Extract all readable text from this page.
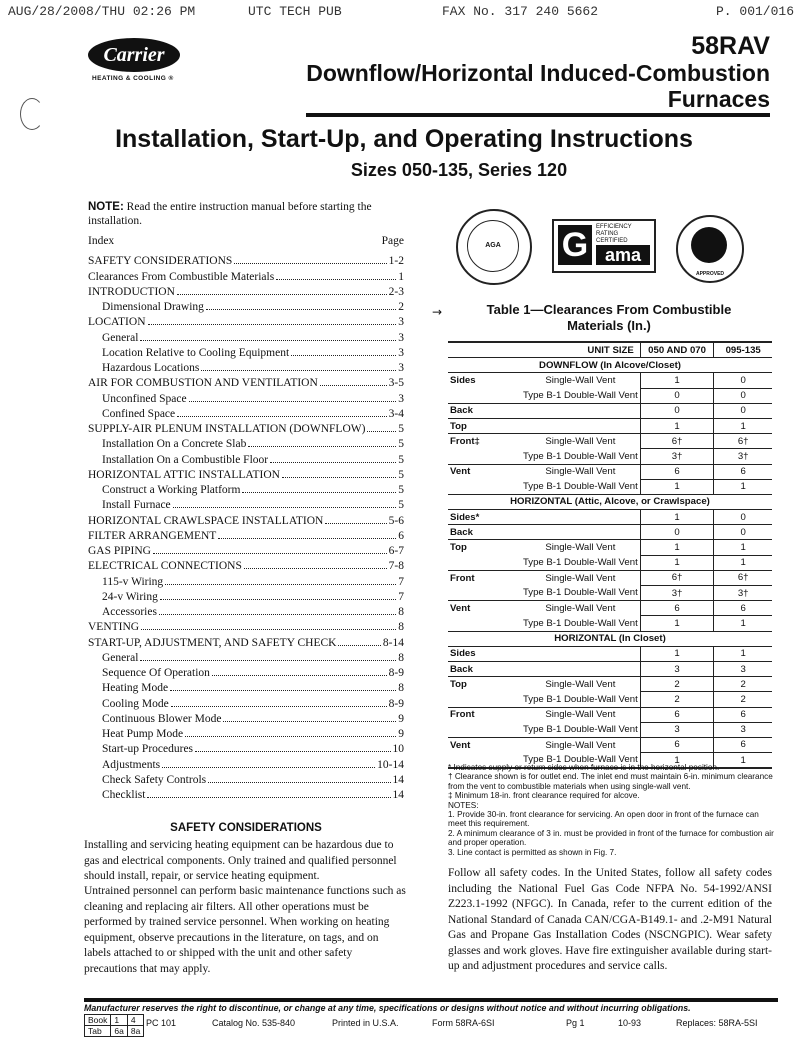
AUG/28/2008/THU 02:26 PM	UTC TECH PUB	FAX No. 317 240 5662	P. 001/016
Carrier
HEATING & COOLING ®
58RAV
Downflow/Horizontal Induced-Combustion
Furnaces
Installation, Start-Up, and Operating Instructions
Sizes 050-135, Series 120
NOTE: Read the entire instruction manual before starting the installation.
Index	Page
SAFETY CONSIDERATIONS	1-2
Clearances From Combustible Materials	1
INTRODUCTION	2-3
Dimensional Drawing	2
LOCATION	3
General	3
Location Relative to Cooling Equipment	3
Hazardous Locations	3
AIR FOR COMBUSTION AND VENTILATION	3-5
Unconfined Space	3
Confined Space	3-4
SUPPLY-AIR PLENUM INSTALLATION (DOWNFLOW)	5
Installation On a Concrete Slab	5
Installation On a Combustible Floor	5
HORIZONTAL ATTIC INSTALLATION	5
Construct a Working Platform	5
Install Furnace	5
HORIZONTAL CRAWLSPACE INSTALLATION	5-6
FILTER ARRANGEMENT	6
GAS PIPING	6-7
ELECTRICAL CONNECTIONS	7-8
115-v Wiring	7
24-v Wiring	7
Accessories	8
VENTING	8
START-UP, ADJUSTMENT, AND SAFETY CHECK	8-14
General	8
Sequence Of Operation	8-9
Heating Mode	8
Cooling Mode	8-9
Continuous Blower Mode	9
Heat Pump Mode	9
Start-up Procedures	10
Adjustments	10-14
Check Safety Controls	14
Checklist	14
SAFETY CONSIDERATIONS
Installing and servicing heating equipment can be hazardous due to gas and electrical components. Only trained and qualified personnel should install, repair, or service heating equipment.
Untrained personnel can perform basic maintenance functions such as cleaning and replacing air filters. All other operations must be performed by trained service personnel. When working on heating equipment, observe precautions in the literature, on tags, and on labels attached to or shipped with the unit and other safety precautions that may apply.
AGA	G	EFFICIENCY
RATING
CERTIFIED
ama
APPROVED
→	Table 1—Clearances From Combustible
Materials (In.)
UNIT SIZE		050 AND 070	095-135
DOWNFLOW (In Alcove/Closet)			
Sides	Single-Wall Vent	1	0
	Type B-1 Double-Wall Vent	0	0
Back		0	0
Top		1	1
Front‡	Single-Wall Vent	6†	6†
	Type B-1 Double-Wall Vent	3†	3†
Vent	Single-Wall Vent	6	6
	Type B-1 Double-Wall Vent	1	1
HORIZONTAL (Attic, Alcove, or Crawlspace)			
Sides*		1	0
Back		0	0
Top	Single-Wall Vent	1	1
	Type B-1 Double-Wall Vent	1	1
Front	Single-Wall Vent	6†	6†
	Type B-1 Double-Wall Vent	3†	3†
Vent	Single-Wall Vent	6	6
	Type B-1 Double-Wall Vent	1	1
HORIZONTAL (In Closet)			
Sides		1	1
Back		3	3
Top	Single-Wall Vent	2	2
	Type B-1 Double-Wall Vent	2	2
Front	Single-Wall Vent	6	6
	Type B-1 Double-Wall Vent	3	3
Vent	Single-Wall Vent	6	6
	Type B-1 Double-Wall Vent	1	1
* Indicates supply or return sides when furnace is in the horizontal position.
† Clearance shown is for outlet end. The inlet end must maintain 6-in. minimum clearance from the vent to combustible materials when using single-wall vent.
‡ Minimum 18-in. front clearance required for alcove.
NOTES:
1. Provide 30-in. front clearance for servicing. An open door in front of the furnace can meet this requirement.
2. A minimum clearance of 3 in. must be provided in front of the furnace for combustion air and proper operation.
3. Line contact is permitted as shown in Fig. 7.
Follow all safety codes. In the United States, follow all safety codes including the National Fuel Gas Code NFPA No. 54-1992/ANSI Z223.1-1992 (NFGC). In Canada, refer to the current edition of the National Standard of Canada CAN/CGA-B149.1- and .2-M91 Natural Gas and Propane Gas Installation Codes (NSCNGPIC). Wear safety glasses and work gloves. Have fire extinguisher available during start-up and adjustment procedures and service calls.
Manufacturer reserves the right to discontinue, or change at any time, specifications or designs without notice and without incurring obligations.
Book	1	4
Tab	6a	8a
PC 101	Catalog No. 535-840	Printed in U.S.A.	Form 58RA-6SI	Pg 1	10-93	Replaces: 58RA-5SI
